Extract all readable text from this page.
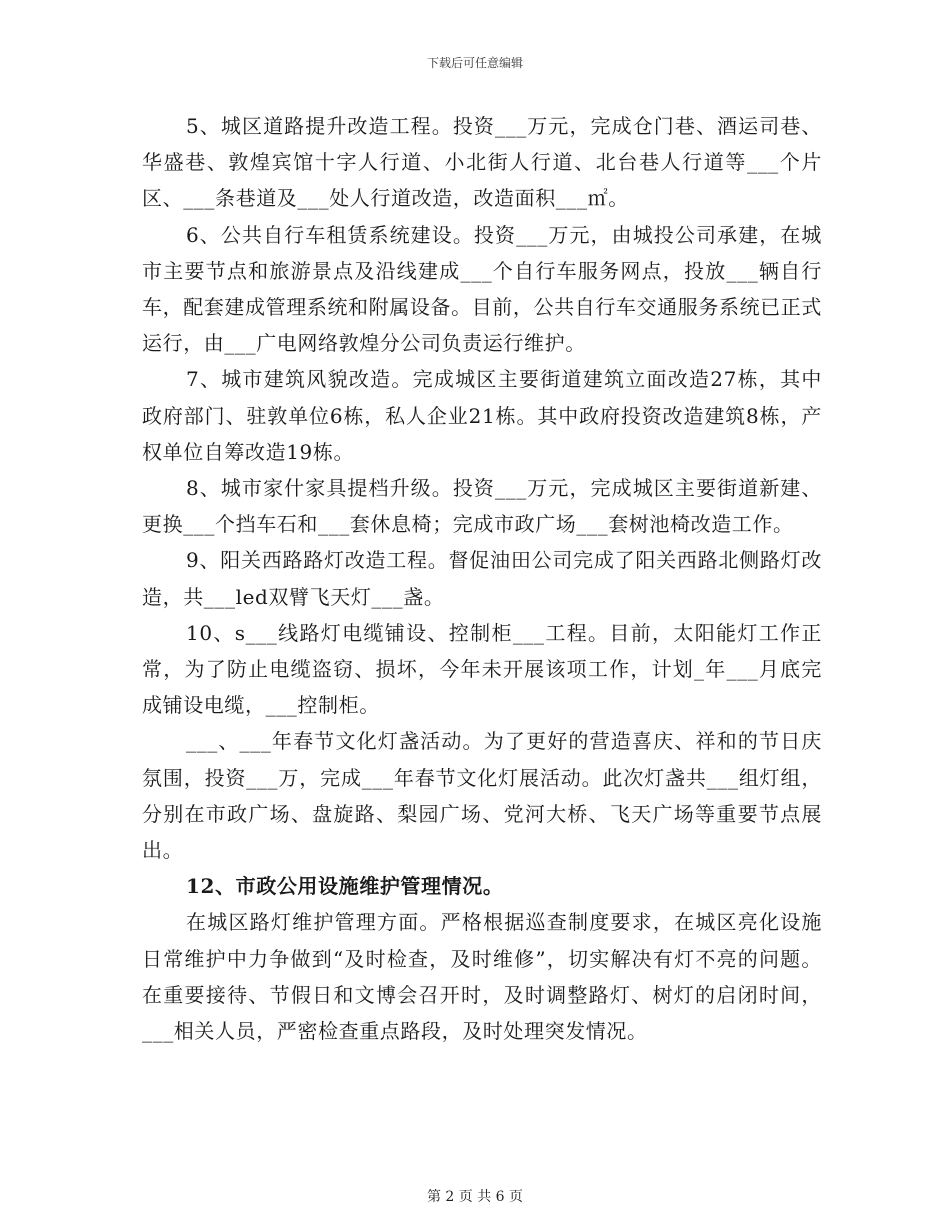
下载后可任意编辑

5、城区道路提升改造工程。投资___万元，完成仓门巷、酒运司巷、华盛巷、敦煌宾馆十字人行道、小北街人行道、北台巷人行道等___个片区、___条巷道及___处人行道改造，改造面积___㎡。

6、公共自行车租赁系统建设。投资___万元，由城投公司承建，在城市主要节点和旅游景点及沿线建成___个自行车服务网点，投放___辆自行车，配套建成管理系统和附属设备。目前，公共自行车交通服务系统已正式运行，由___广电网络敦煌分公司负责运行维护。

7、城市建筑风貌改造。完成城区主要街道建筑立面改造27栋，其中政府部门、驻敦单位6栋，私人企业21栋。其中政府投资改造建筑8栋，产权单位自筹改造19栋。

8、城市家什家具提档升级。投资___万元，完成城区主要街道新建、更换___个挡车石和___套休息椅；完成市政广场___套树池椅改造工作。

9、阳关西路路灯改造工程。督促油田公司完成了阳关西路北侧路灯改造，共___led双臂飞天灯___盏。

10、s___线路灯电缆铺设、控制柜___工程。目前，太阳能灯工作正常，为了防止电缆盗窃、损坏，今年未开展该项工作，计划_年___月底完成铺设电缆，___控制柜。

___、___年春节文化灯盏活动。为了更好的营造喜庆、祥和的节日庆氛围，投资___万，完成___年春节文化灯展活动。此次灯盏共___组灯组，分别在市政广场、盘旋路、梨园广场、党河大桥、飞天广场等重要节点展出。

12、市政公用设施维护管理情况。

在城区路灯维护管理方面。严格根据巡查制度要求，在城区亮化设施日常维护中力争做到“及时检查，及时维修”，切实解决有灯不亮的问题。在重要接待、节假日和文博会召开时，及时调整路灯、树灯的启闭时间，___相关人员，严密检查重点路段，及时处理突发情况。

第 2 页 共 6 页
